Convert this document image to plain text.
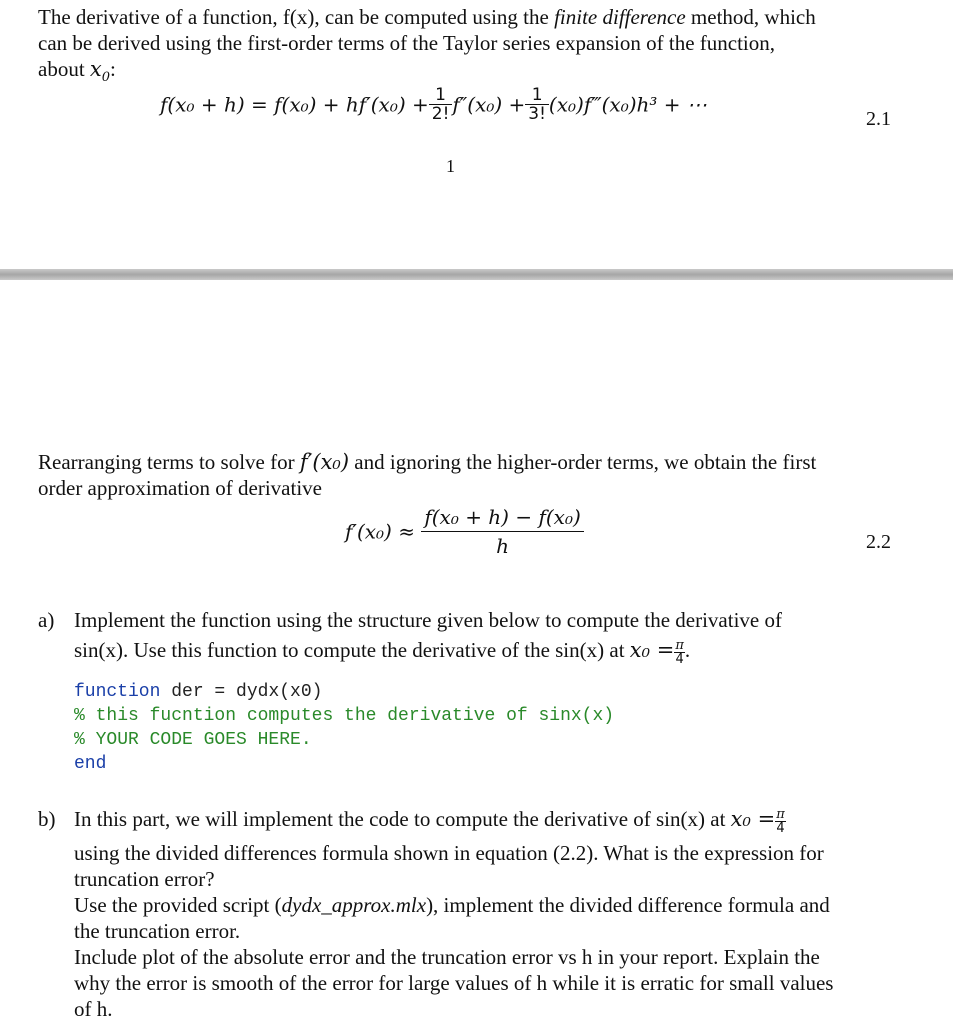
The derivative of a function, f(x), can be computed using the finite difference method, which
can be derived using the first-order terms of the Taylor series expansion of the function,
about $x_0$:
$f(x_0 + h) = f(x_0) + hf'(x_0) + \frac{1}{2!} f''(x_0) + \frac{1}{3!}$ (x₀)f‴(x₀)h³ + ⋯
2.1
1
Rearranging terms to solve for f′(x₀) and ignoring the higher-order terms, we obtain the first
order approximation of derivative
$f'(x_0) \approx \frac{\text{f(x₀ + h) − f(x₀)}}{h}$	2.2
a) Implement the function using the structure given below to compute the derivative of
sin(x). Use this function to compute the derivative of the sin(x) at $x_0 = \frac{\pi}{4}$ .
function der = dydx(x0)
% this fucntion computes the derivative of sinx(x)
% YOUR CODE GOES HERE.
end
b) In this part, we will implement the code to compute the derivative of sin(x) at $x_0 = \frac{\pi}{4}$
using the divided differences formula shown in equation (2.2). What is the expression for
truncation error?
Use the provided script (dydx_approx.mlx), implement the divided difference formula and
the truncation error.
Include plot of the absolute error and the truncation error vs h in your report. Explain the
why the error is smooth of the error for large values of h while it is erratic for small values
of h.
